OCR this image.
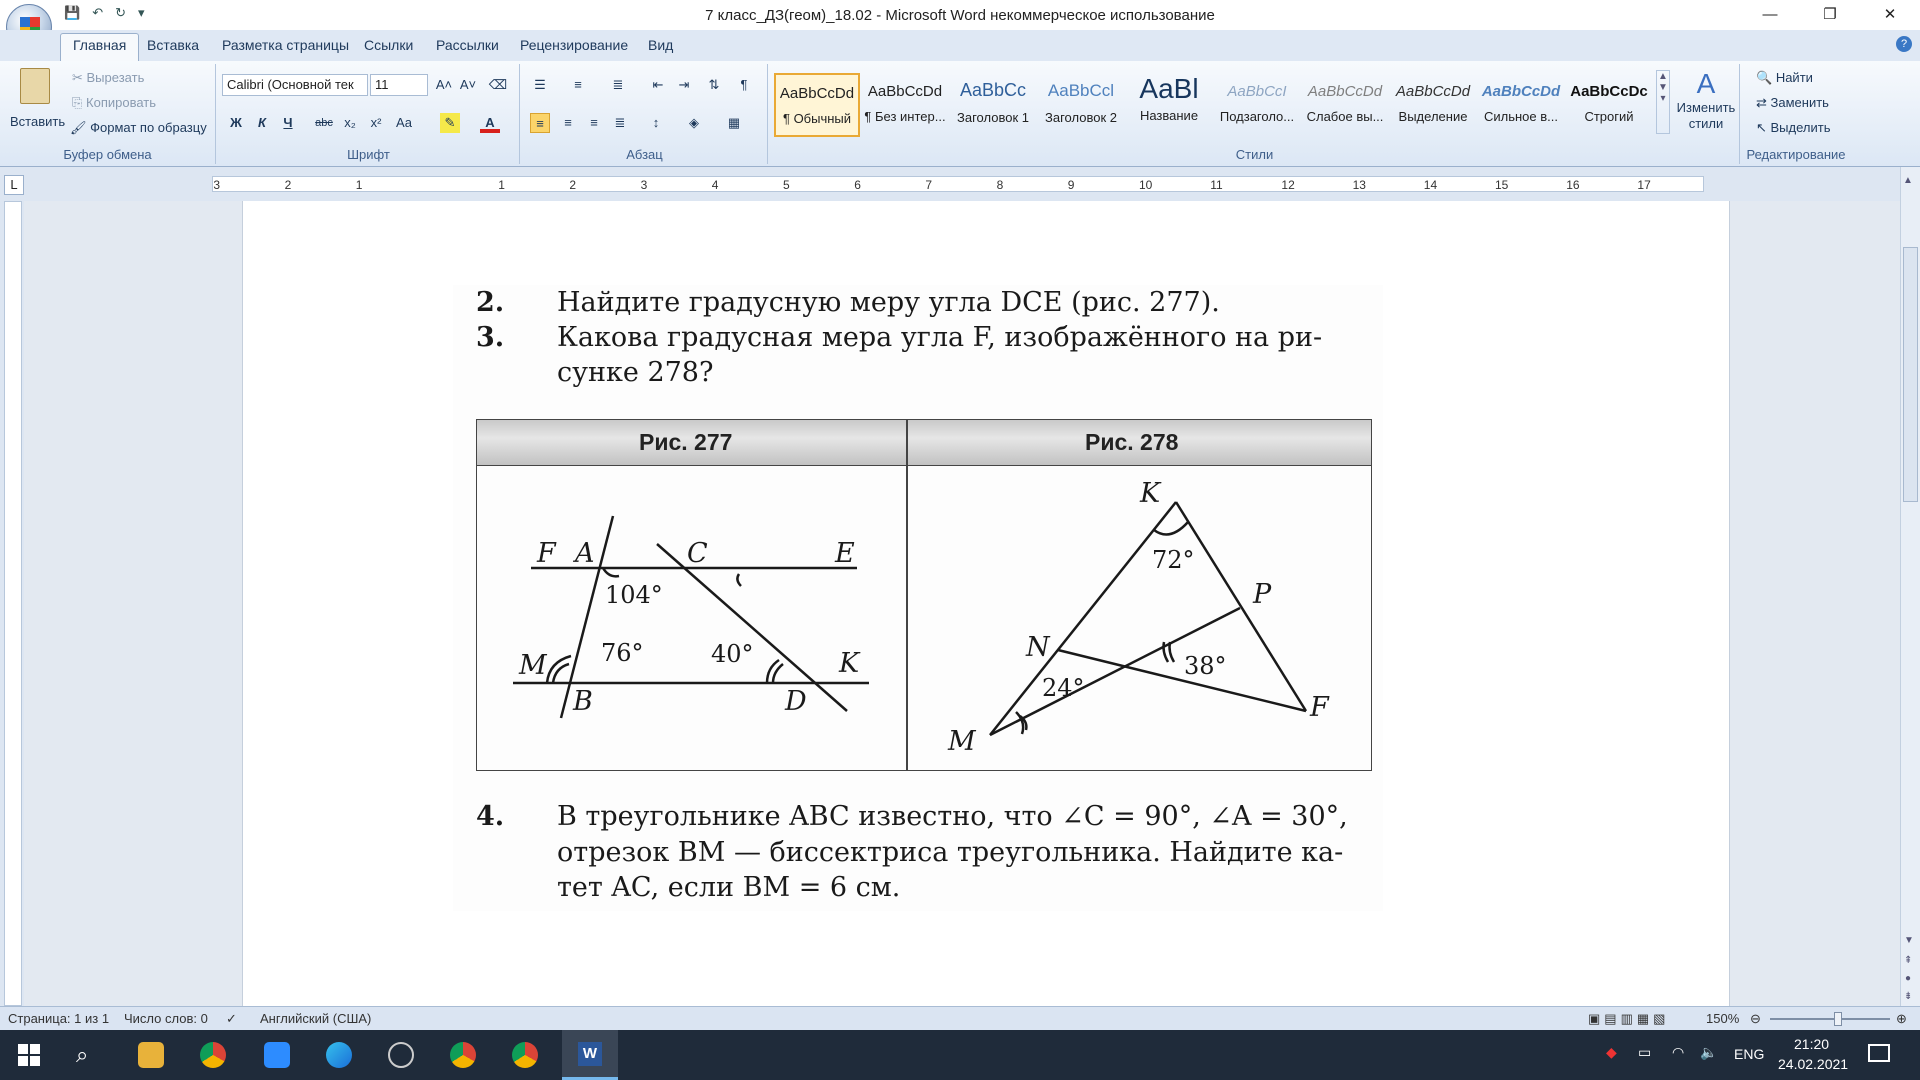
💾 ↶ ↻ ▾	7 класс_ДЗ(геом)_18.02 - Microsoft Word некоммерческое использование	—	❐	✕
Главная	Вставка Разметка страницы Ссылки Рассылки Рецензирование Вид	?
Вставить
✂ Вырезать
⎘ Копировать
🖌 Формат по образцу
Буфер обмена
Calibri (Основной тек	11	A˄ A˅ ⌫
Ж	К	Ч	abc x₂	x²	Aa	✎	A
Шрифт
☰	≡	≣	⇤	⇥	⇅	¶
≡	≡	≡	≣	↕	◈	▦
Абзац
AaBbCcDd
¶ Обычный
AaBbCcDd
¶ Без интер...
AaBbCc
Заголовок 1
AaBbCcl
Заголовок 2
AaBl
Название
AaBbCcI
Подзаголо...
AaBbCcDd
Слабое вы...
AaBbCcDd
Выделение
AaBbCcDd
Сильное в...
AaBbCcDc
Строгий
▲
▼
▾	A
Изменить стили
Стили
🔍 Найти
⇄ Заменить
↖ Выделить
Редактирование
L	3	2	1	1	2	3	4	5	6	7	8	9	10	11	12	13	14	15	16	17
2. Найдите градусную меру угла DCE (рис. 277).
3. Какова градусная мера угла F, изображённого на ри-
сунке 278?
Рис. 277	Рис. 278
F A	C	E
M
B	D
K
104°
76°	40°
K
P
N
M
F
72°
38°
24°
4. В треугольнике ABC известно, что ∠C = 90°, ∠A = 30°,
отрезок BM — биссектриса треугольника. Найдите ка-
тет AC, если BM = 6 см.
▲
▼
⇞
●
⇟
Страница: 1 из 1 Число слов: 0 ✓ Английский (США)	▣▤▥▦▧	150% ⊖	⊕
⌕	W	◆ ▭ ◠ 🔈 ENG
21:20
24.02.2021
